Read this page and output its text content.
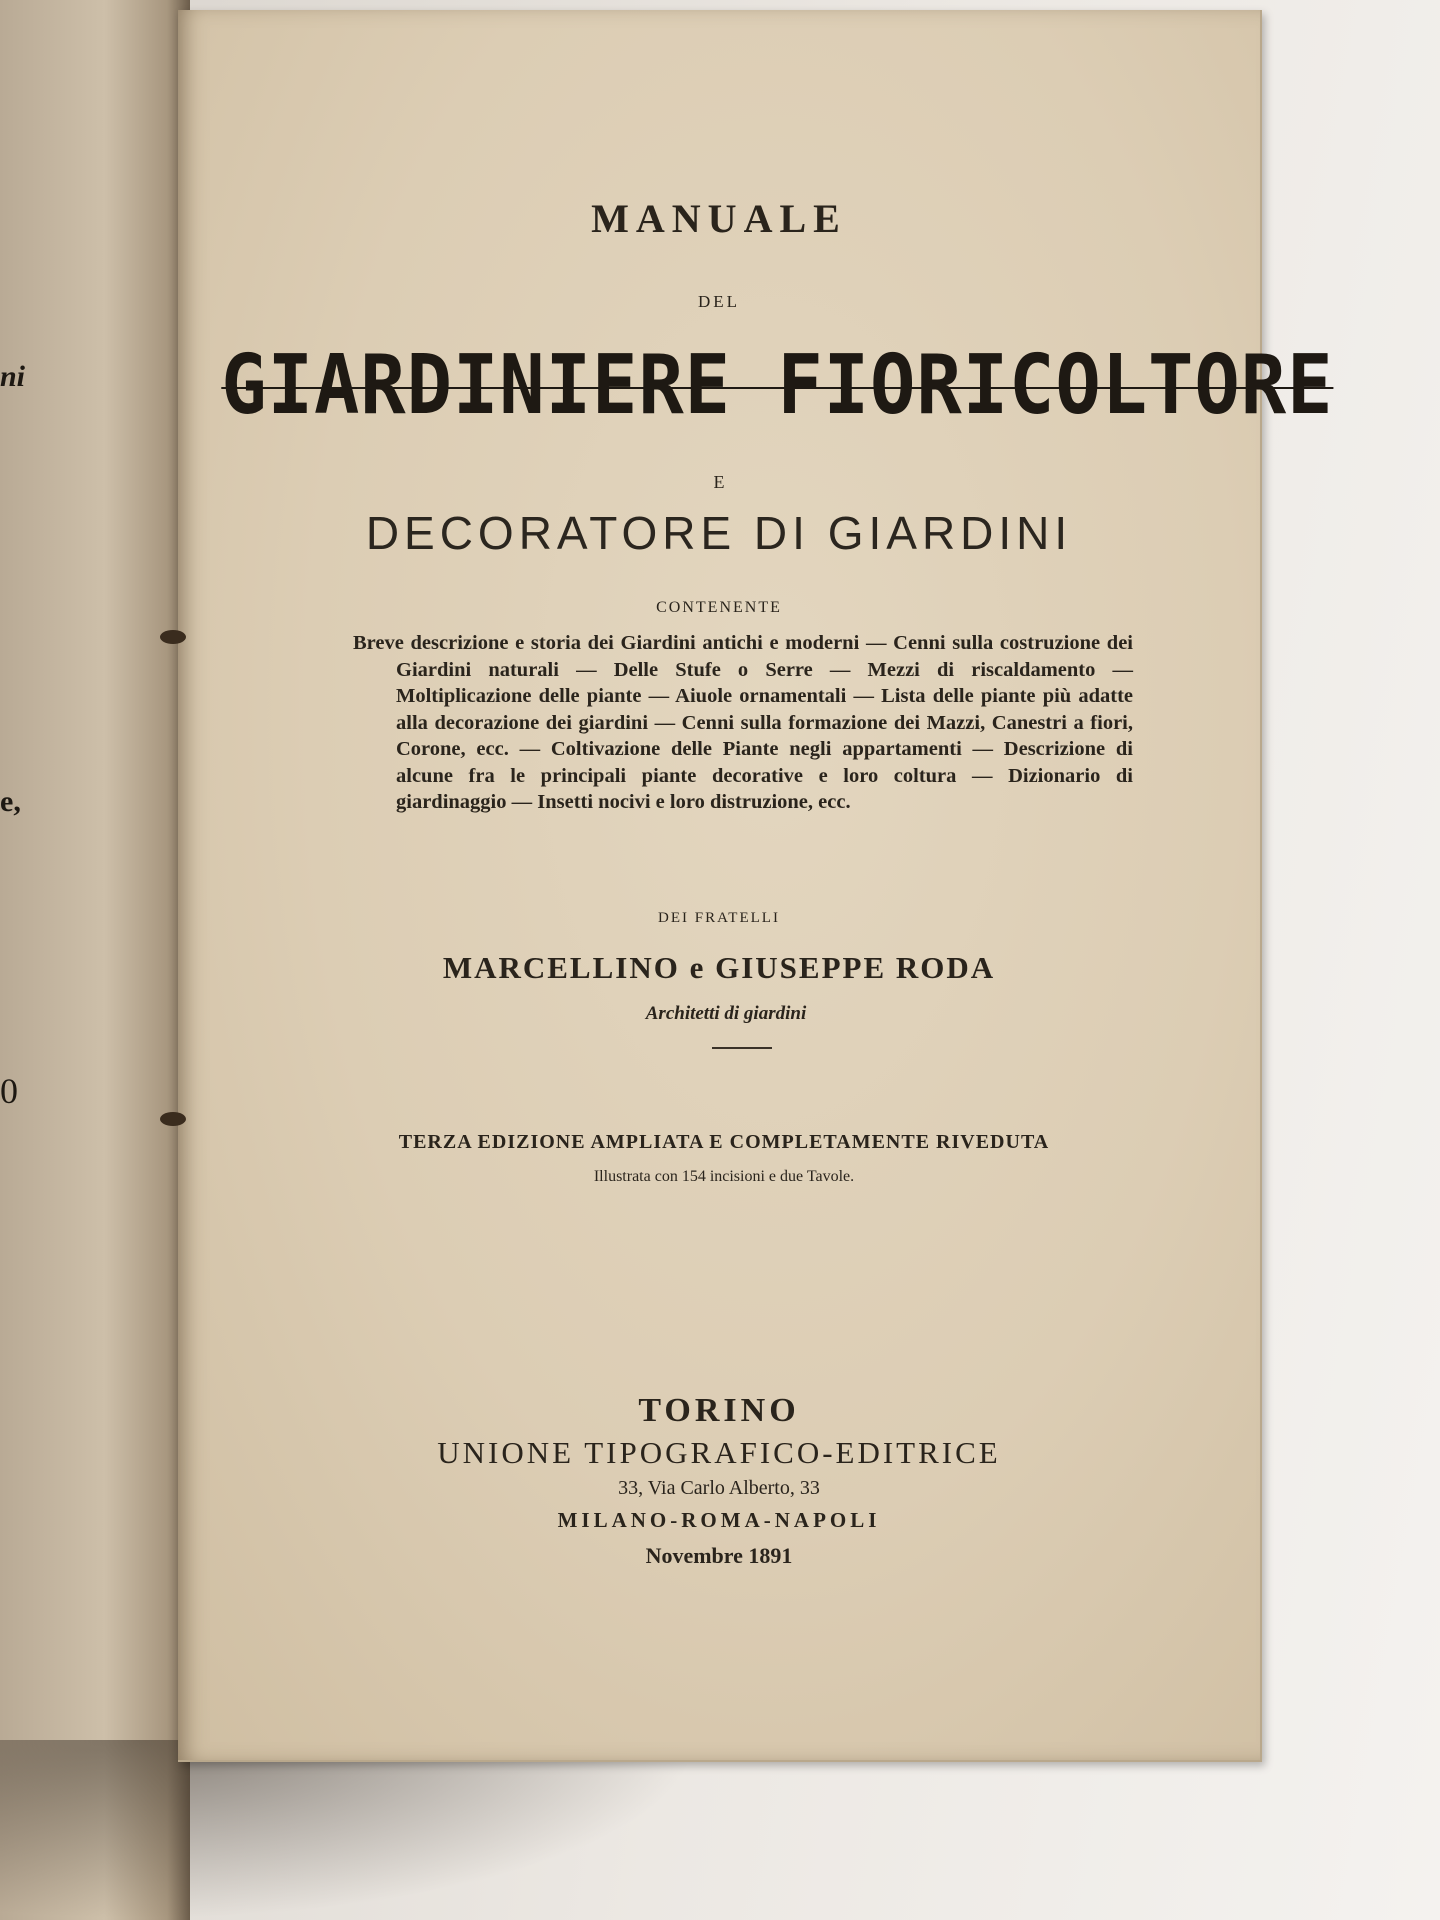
ni
e,
0
MANUALE
DEL
GIARDINIERE FIORICOLTORE
E
DECORATORE DI GIARDINI
CONTENENTE
Breve descrizione e storia dei Giardini antichi e moderni — Cenni sulla costruzione dei Giardini naturali — Delle Stufe o Serre — Mezzi di riscaldamento — Moltiplicazione delle piante — Aiuole ornamentali — Lista delle piante più adatte alla decorazione dei giardini — Cenni sulla formazione dei Mazzi, Canestri a fiori, Corone, ecc. — Coltivazione delle Piante negli appartamenti — Descrizione di alcune fra le principali piante decorative e loro coltura — Dizionario di giardinaggio — Insetti nocivi e loro distruzione, ecc.
DEI FRATELLI
MARCELLINO e GIUSEPPE RODA
Architetti di giardini
TERZA EDIZIONE AMPLIATA E COMPLETAMENTE RIVEDUTA
Illustrata con 154 incisioni e due Tavole.
TORINO
UNIONE TIPOGRAFICO-EDITRICE
33, Via Carlo Alberto, 33
MILANO-ROMA-NAPOLI
Novembre 1891
